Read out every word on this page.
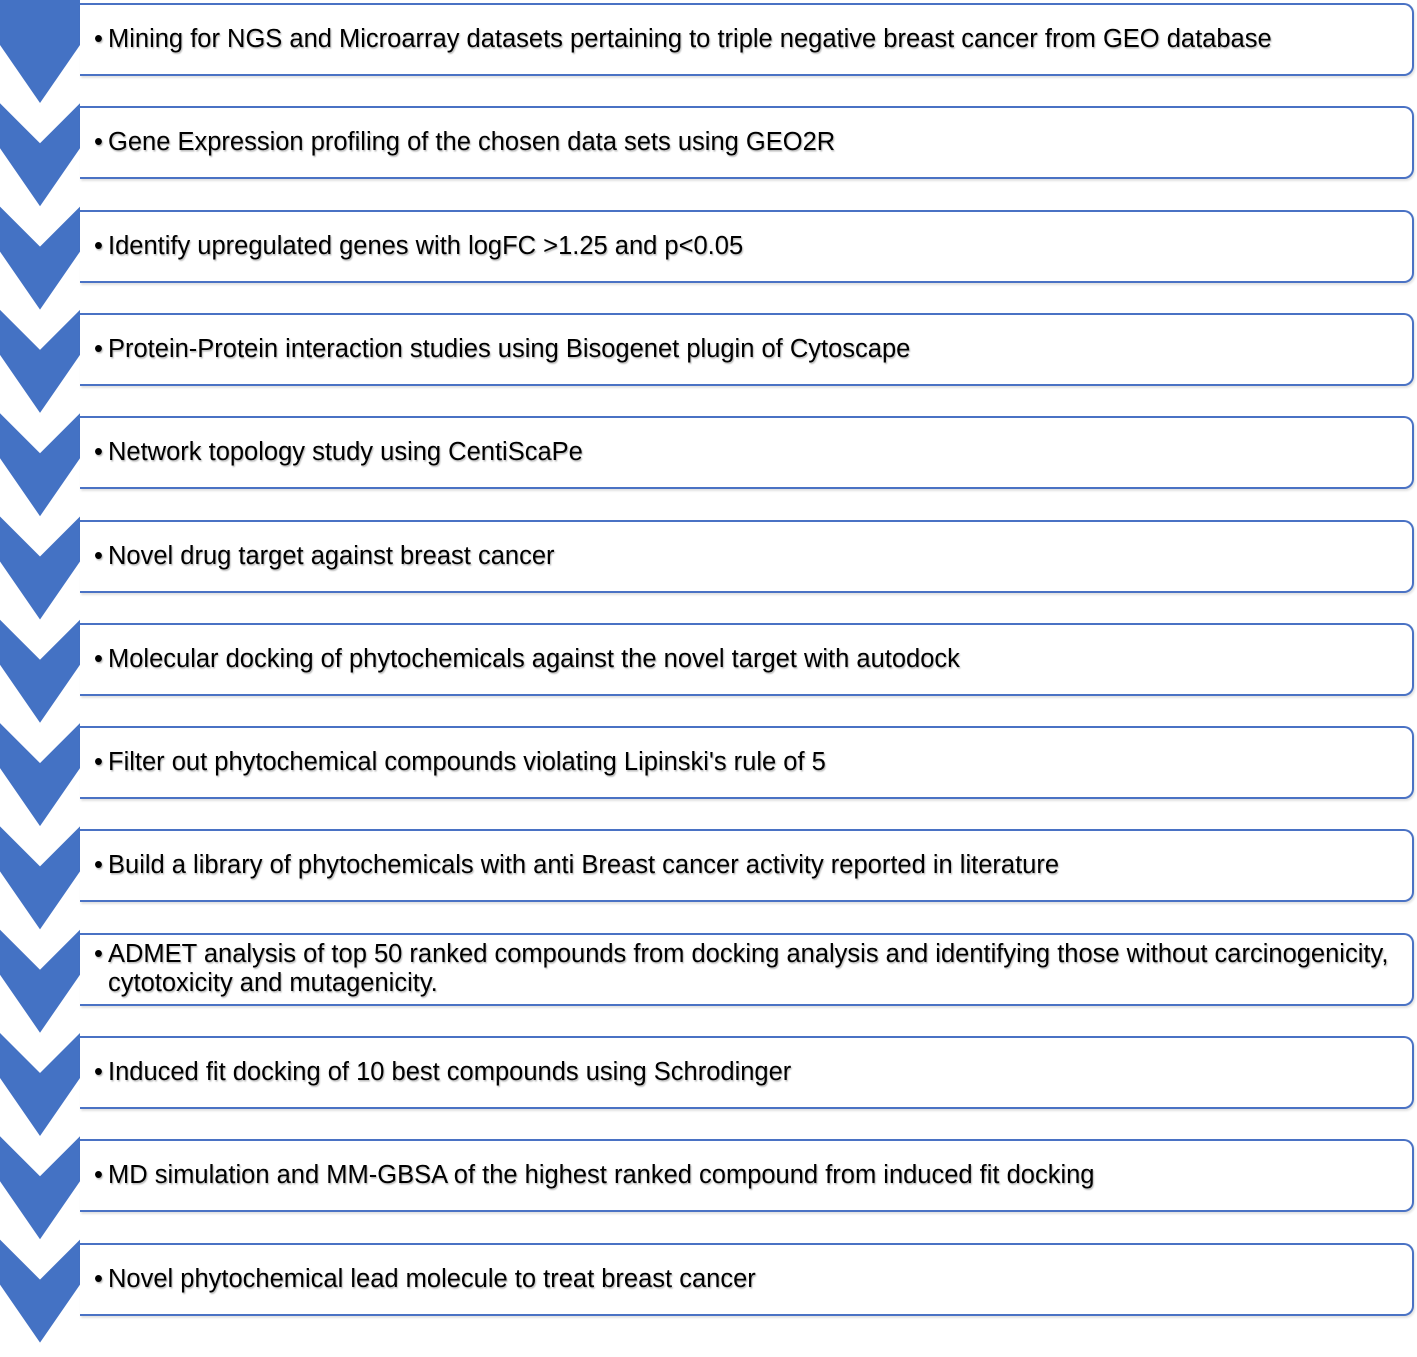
• Mining for NGS and Microarray datasets pertaining to triple negative breast cancer from GEO database
• Gene Expression profiling of the chosen data sets using GEO2R
• Identify upregulated genes with logFC >1.25 and p<0.05
• Protein-Protein interaction studies using Bisogenet plugin of Cytoscape
• Network topology study using CentiScaPe
• Novel drug target against breast cancer
• Molecular docking of phytochemicals against the novel target with autodock
• Filter out phytochemical compounds violating Lipinski's rule of 5
• Build a library of phytochemicals with anti Breast cancer activity reported in literature
• ADMET analysis of top 50 ranked compounds from docking analysis and identifying those without carcinogenicity, cytotoxicity and mutagenicity.
• Induced fit docking of 10 best compounds using Schrodinger
• MD simulation and MM-GBSA of the highest ranked compound from induced fit docking
• Novel phytochemical lead molecule to treat breast cancer
